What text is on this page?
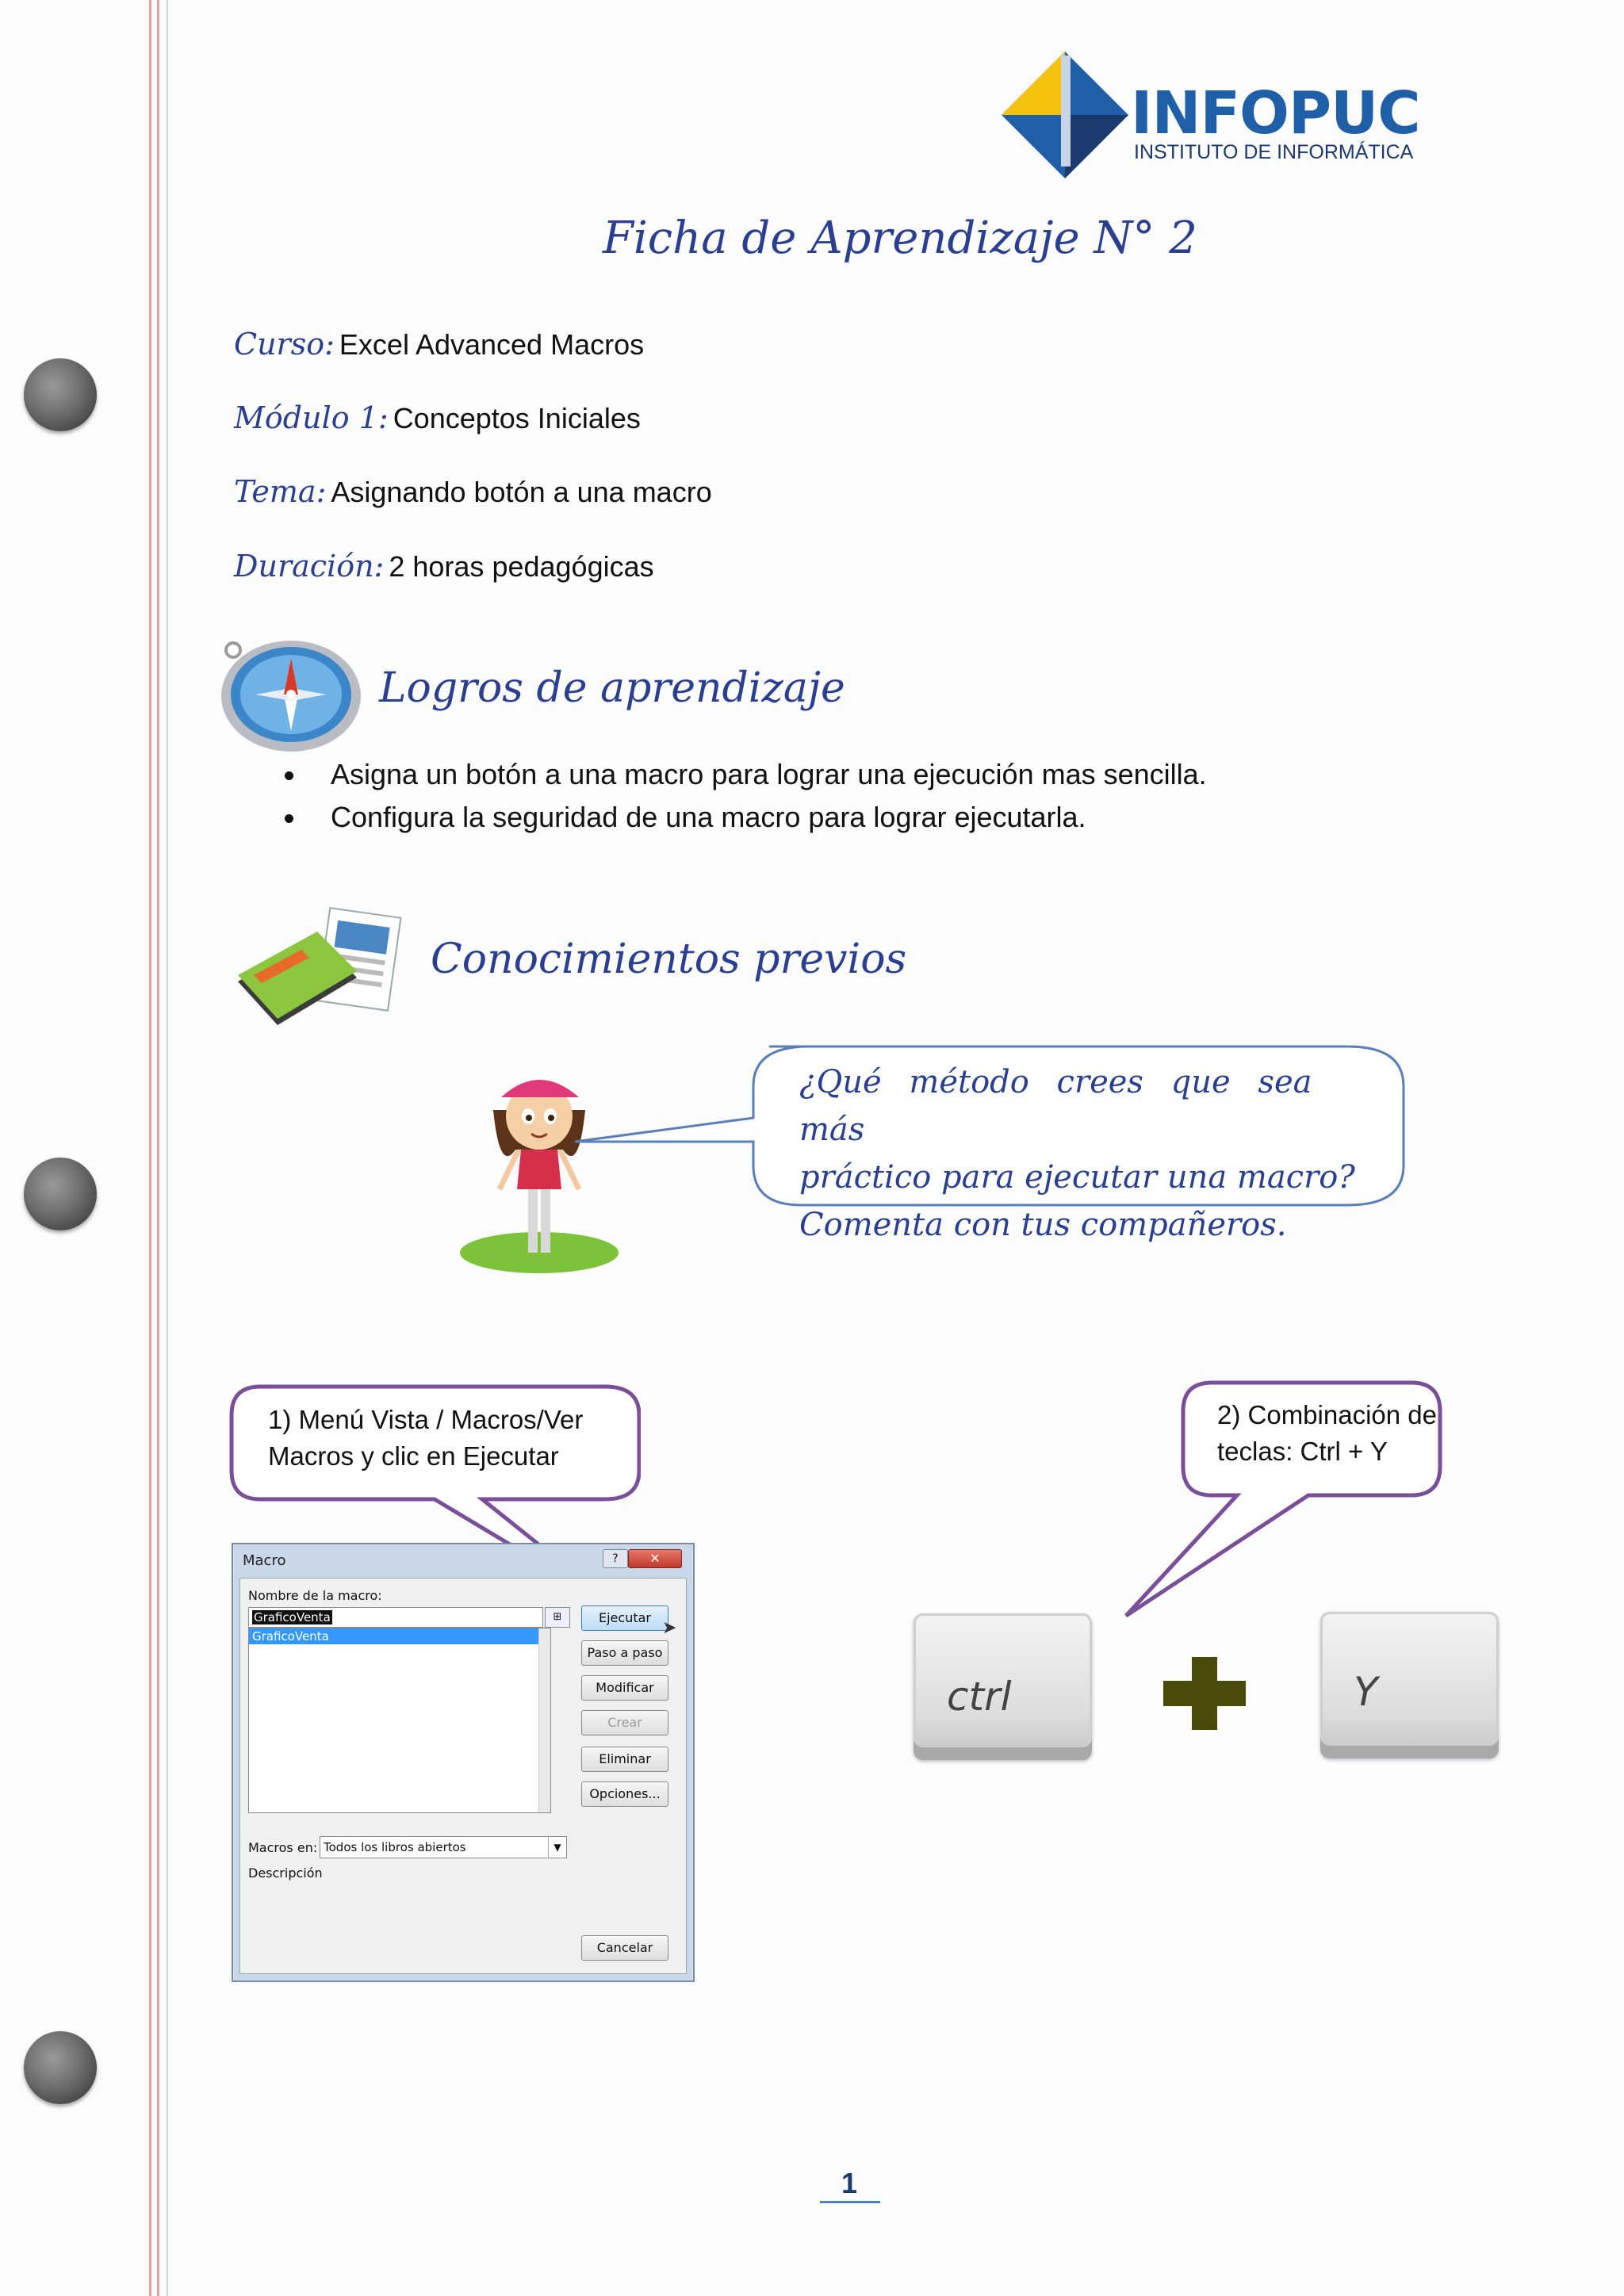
INFOPUC
INSTITUTO DE INFORMÁTICA
Ficha de Aprendizaje N° 2
Curso: Excel Advanced Macros
Módulo 1: Conceptos Iniciales
Tema: Asignando botón a una macro
Duración: 2 horas pedagógicas
Logros de aprendizaje
Asigna un botón a una macro para lograr una ejecución mas sencilla.
Configura la seguridad de una macro para lograr ejecutarla.
Conocimientos previos
¿Qué método crees que sea más
práctico para ejecutar una macro?
Comenta con tus compañeros.
1) Menú Vista / Macros/Ver
Macros y clic en Ejecutar
2) Combinación de
teclas: Ctrl + Y
Macro	?	✕
Nombre de la macro:
GraficoVenta	⊞
GraficoVenta
Ejecutar
➤
Paso a paso
Modificar
Crear
Eliminar
Opciones...
Macros en: Todos los libros abiertos	▼
Descripción
Cancelar
ctrl	Y
1
